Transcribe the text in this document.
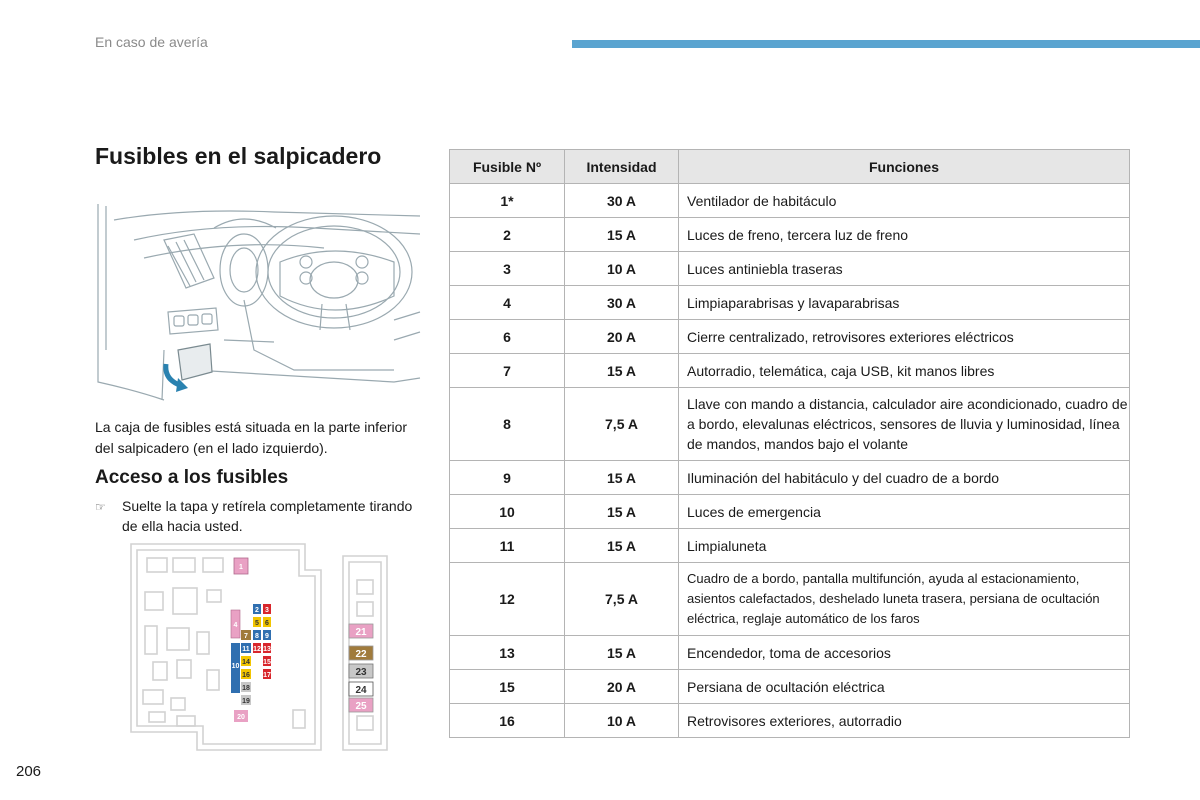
En caso de avería
Fusibles en el salpicadero
La caja de fusibles está situada en la parte inferior del salpicadero (en el lado izquierdo).
Acceso a los fusibles
☞	Suelte la tapa y retírela completamente tirando de ella hacia usted.
1
4
2 3
5 6
7 8 9
10
11 12 13
14 15
16 17
18
19
20
21
22
23
24
25
Fusible Nº	Intensidad	Funciones
1*	30 A	Ventilador de habitáculo
2	15 A	Luces de freno, tercera luz de freno
3	10 A	Luces antiniebla traseras
4	30 A	Limpiaparabrisas y lavaparabrisas
6	20 A	Cierre centralizado, retrovisores exteriores eléctricos
7	15 A	Autorradio, telemática, caja USB, kit manos libres
8	7,5 A	Llave con mando a distancia, calculador aire acondicionado, cuadro de a bordo, elevalunas eléctricos, sensores de lluvia y luminosidad, línea de mandos, mandos bajo el volante
9	15 A	Iluminación del habitáculo y del cuadro de a bordo
10	15 A	Luces de emergencia
11	15 A	Limpialuneta
12	7,5 A	Cuadro de a bordo, pantalla multifunción, ayuda al estacionamiento, asientos calefactados, deshelado luneta trasera, persiana de ocultación eléctrica, reglaje automático de los faros
13	15 A	Encendedor, toma de accesorios
15	20 A	Persiana de ocultación eléctrica
16	10 A	Retrovisores exteriores, autorradio
206
